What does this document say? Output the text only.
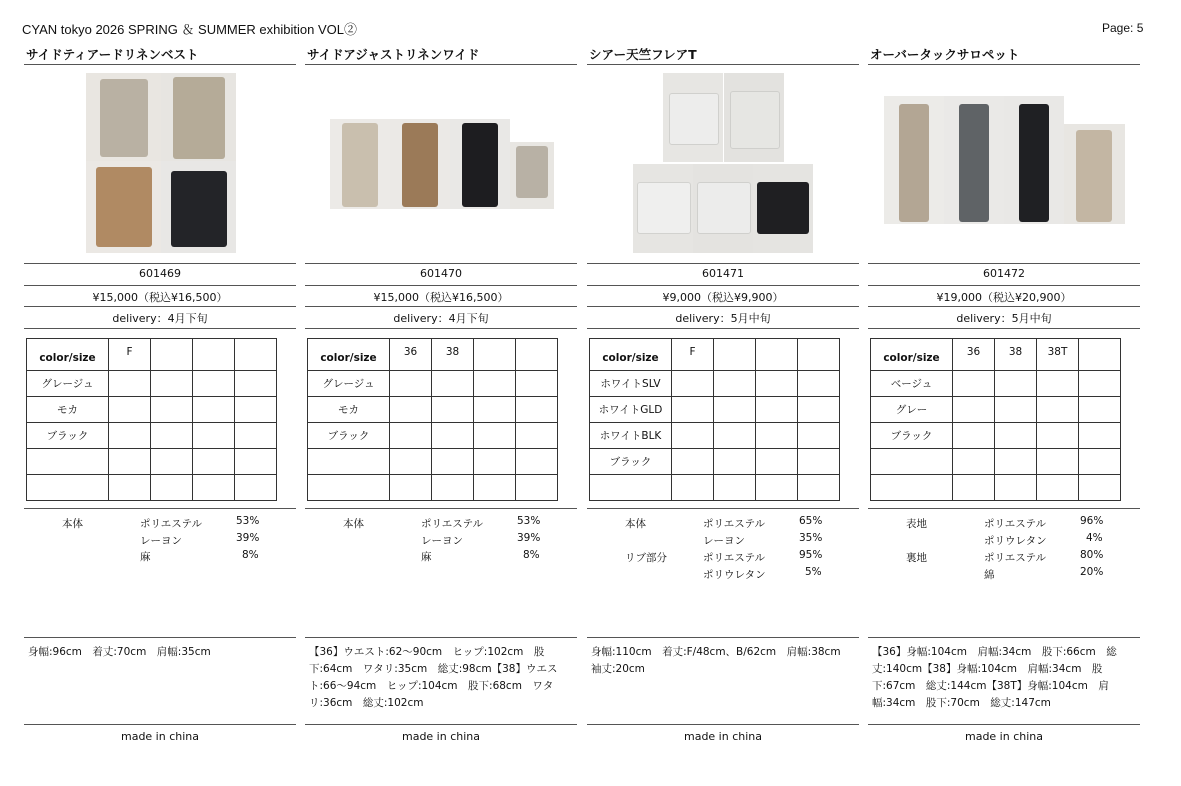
CYAN tokyo 2026 SPRING ＆ SUMMER exhibition VOL②	Page: 5
サイドティアードリネンベスト
601469
¥15,000（税込¥16,500）
delivery：4月下旬
color/size	F			
グレージュ				
モカ				
ブラック				

本体	ポリエステル	53%
レーヨン	39%
麻	8%
身幅:96cm　着丈:70cm　肩幅:35cm
made in china
サイドアジャストリネンワイド
601470
¥15,000（税込¥16,500）
delivery：4月下旬
color/size	36	38		
グレージュ				
モカ				
ブラック				

本体	ポリエステル	53%
レーヨン	39%
麻	8%
【36】ウエスト:62〜90cm　ヒップ:102cm　股下:64cm　ワタリ:35cm　総丈:98cm【38】ウエスト:66〜94cm　ヒップ:104cm　股下:68cm　ワタリ:36cm　総丈:102cm
made in china
シアー天竺フレアT
601471
¥9,000（税込¥9,900）
delivery：5月中旬
color/size	F			
ホワイトSLV				
ホワイトGLD				
ホワイトBLK				
ブラック				

本体	ポリエステル	65%
レーヨン	35%
リブ部分	ポリエステル	95%
ポリウレタン	5%
身幅:110cm　着丈:F/48cm、B/62cm　肩幅:38cm　袖丈:20cm
made in china
オーバータックサロペット
601472
¥19,000（税込¥20,900）
delivery：5月中旬
color/size	36	38	38T	
ベージュ				
グレー				
ブラック				

表地	ポリエステル	96%
ポリウレタン	4%
裏地	ポリエステル	80%
綿	20%
【36】身幅:104cm　肩幅:34cm　股下:66cm　総丈:140cm【38】身幅:104cm　肩幅:34cm　股下:67cm　総丈:144cm【38T】身幅:104cm　肩幅:34cm　股下:70cm　総丈:147cm
made in china
